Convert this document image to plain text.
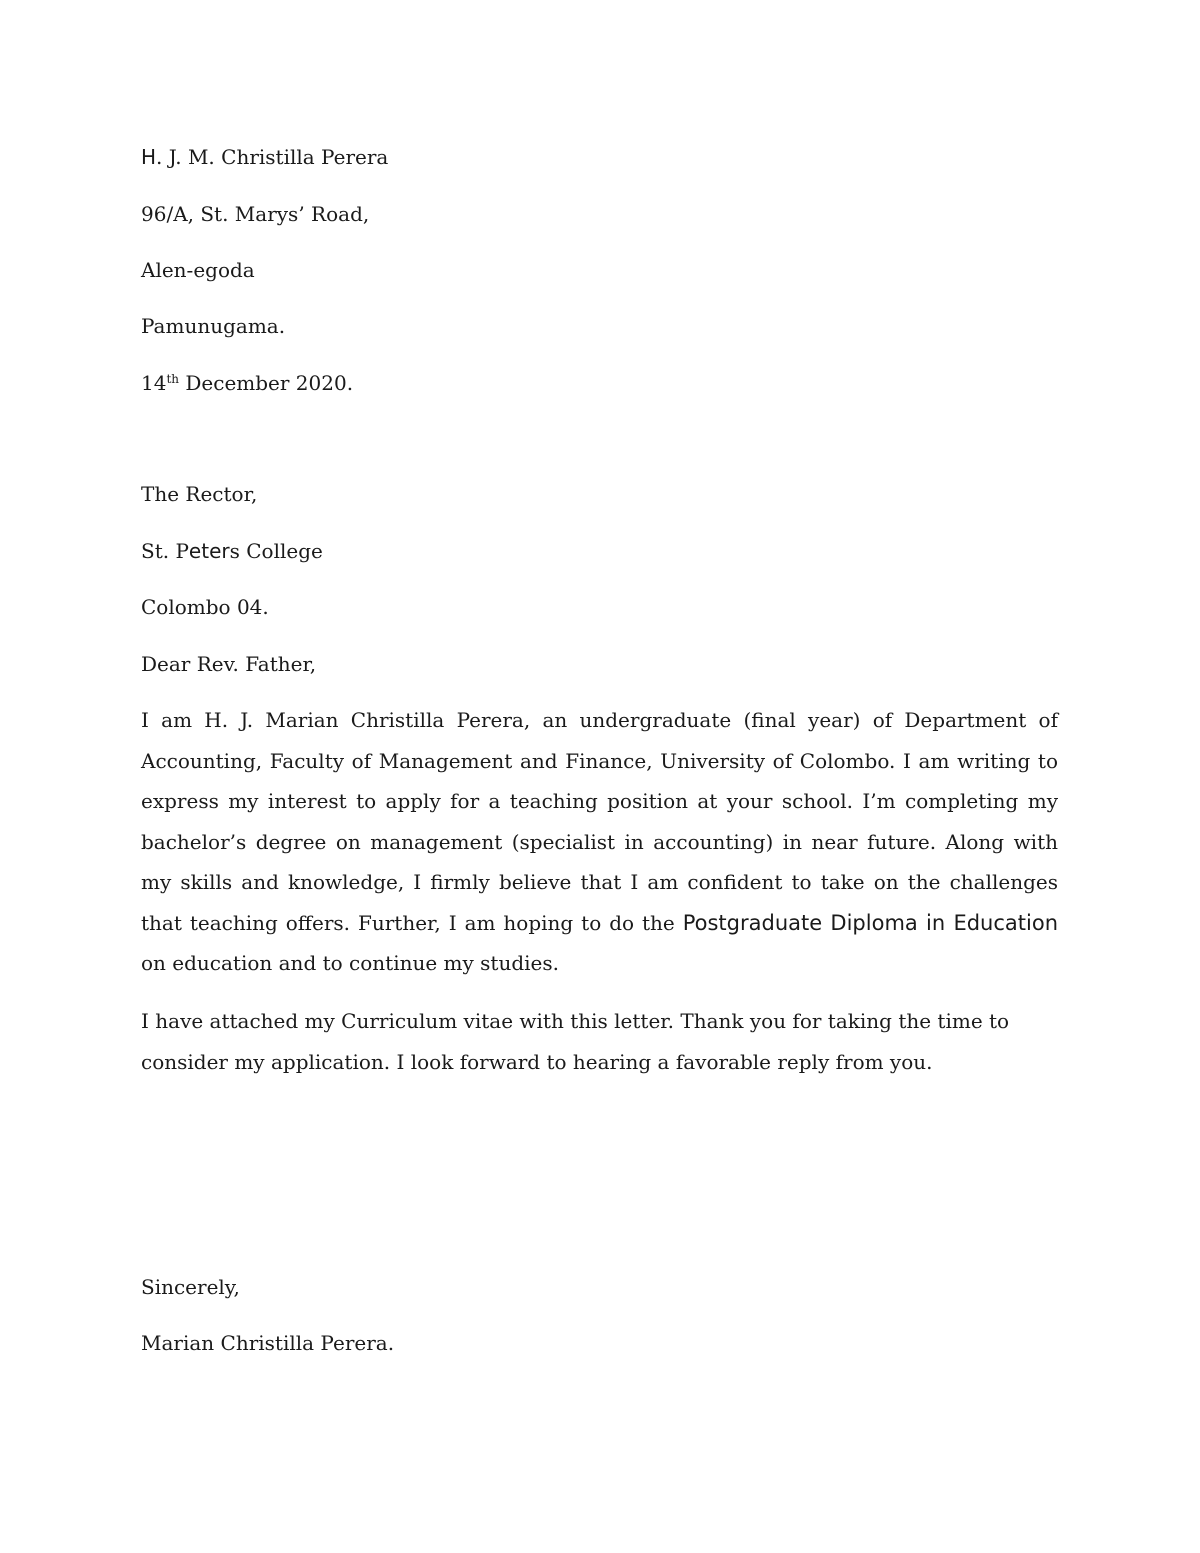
H. J. M. Christilla Perera
96/A, St. Marys’ Road,
Alen-egoda
Pamunugama.
14th December 2020.
The Rector,
St. Peters College
Colombo 04.
Dear Rev. Father,

I am H. J. Marian Christilla Perera, an undergraduate (final year) of Department of Accounting, Faculty of Management and Finance, University of Colombo. I am writing to express my interest to apply for a teaching position at your school. I’m completing my bachelor’s degree on management (specialist in accounting) in near future. Along with my skills and knowledge, I firmly believe that I am confident to take on the challenges that teaching offers. Further, I am hoping to do the Postgraduate Diploma in Education on education and to continue my studies.

I have attached my Curriculum vitae with this letter. Thank you for taking the time to consider my application. I look forward to hearing a favorable reply from you.

Sincerely,
Marian Christilla Perera.
